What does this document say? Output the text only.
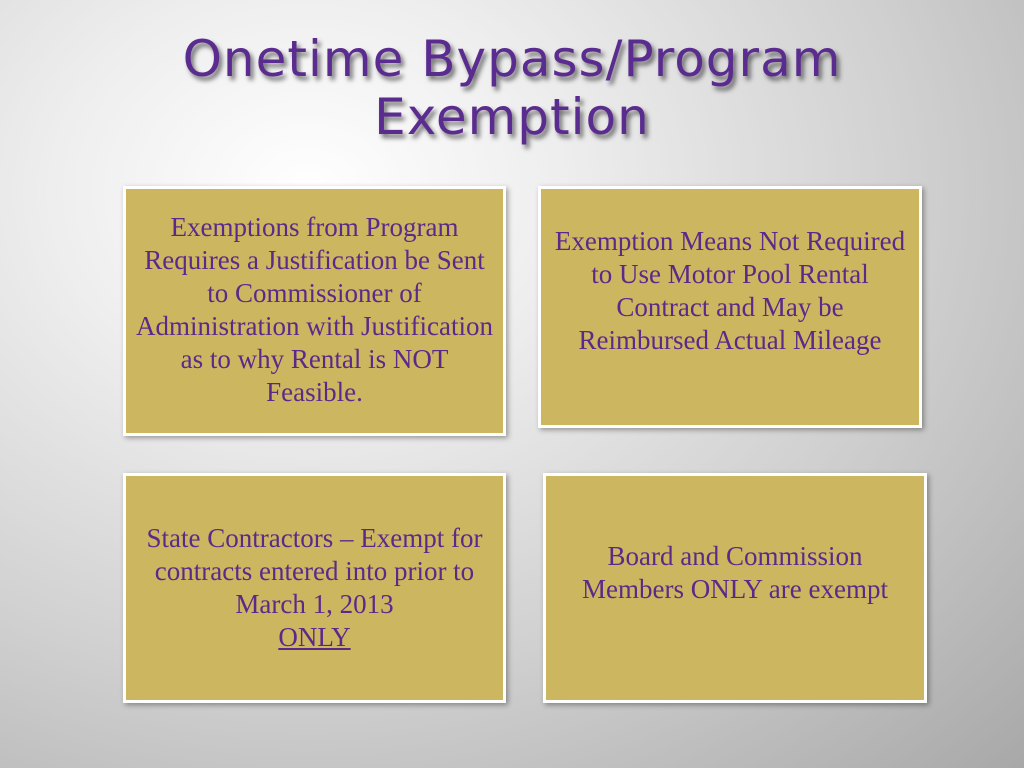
Onetime Bypass/Program
Exemption
Exemptions from Program Requires a Justification be Sent to Commissioner of Administration with Justification as to why Rental is NOT Feasible.
Exemption Means Not Required to Use Motor Pool Rental Contract and May be Reimbursed Actual Mileage
State Contractors – Exempt for contracts entered into prior to March 1, 2013
ONLY
Board and Commission Members ONLY are exempt
